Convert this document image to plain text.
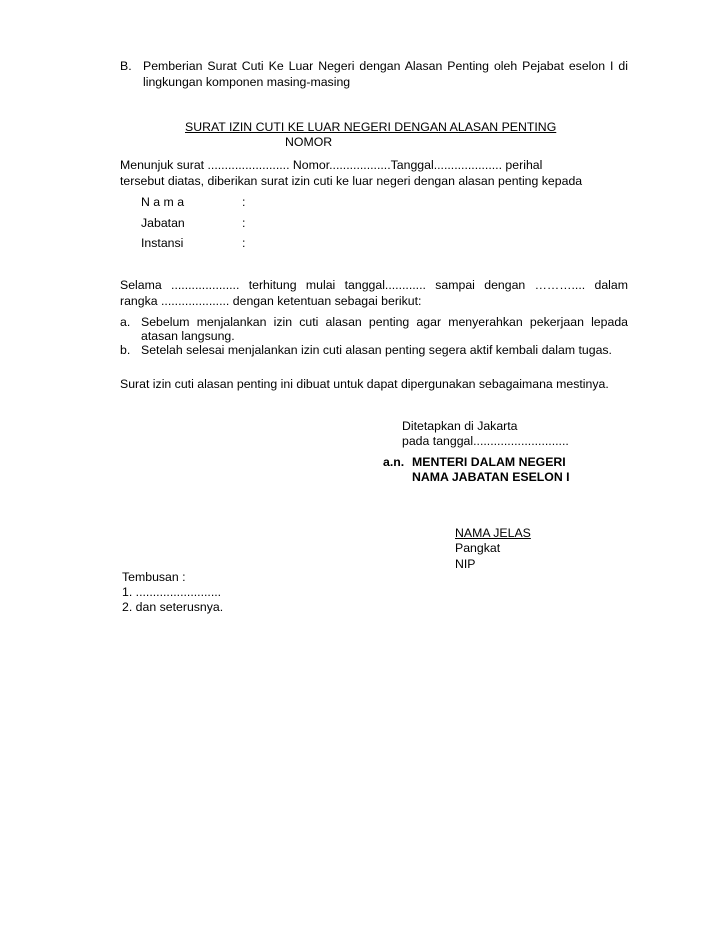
B. Pemberian Surat Cuti Ke Luar Negeri dengan Alasan Penting oleh Pejabat eselon I di
lingkungan komponen masing-masing
SURAT IZIN CUTI KE LUAR NEGERI DENGAN ALASAN PENTING
NOMOR
Menunjuk surat ........................ Nomor..................Tanggal.................... perihal
tersebut diatas, diberikan surat izin cuti ke luar negeri dengan alasan penting kepada
N a m a	:
Jabatan	:
Instansi	:
Selama .................... terhitung mulai tanggal............ sampai dengan ……….... dalam
rangka .................... dengan ketentuan sebagai berikut:
a. Sebelum menjalankan izin cuti alasan penting agar menyerahkan pekerjaan lepada
atasan langsung.
b. Setelah selesai menjalankan izin cuti alasan penting segera aktif kembali dalam tugas.
Surat izin cuti alasan penting ini dibuat untuk dapat dipergunakan sebagaimana mestinya.
Ditetapkan di Jakarta
pada tanggal............................
a.n. MENTERI DALAM NEGERI
NAMA JABATAN ESELON I
NAMA JELAS
Pangkat
NIP
Tembusan :
1. .........................
2. dan seterusnya.
